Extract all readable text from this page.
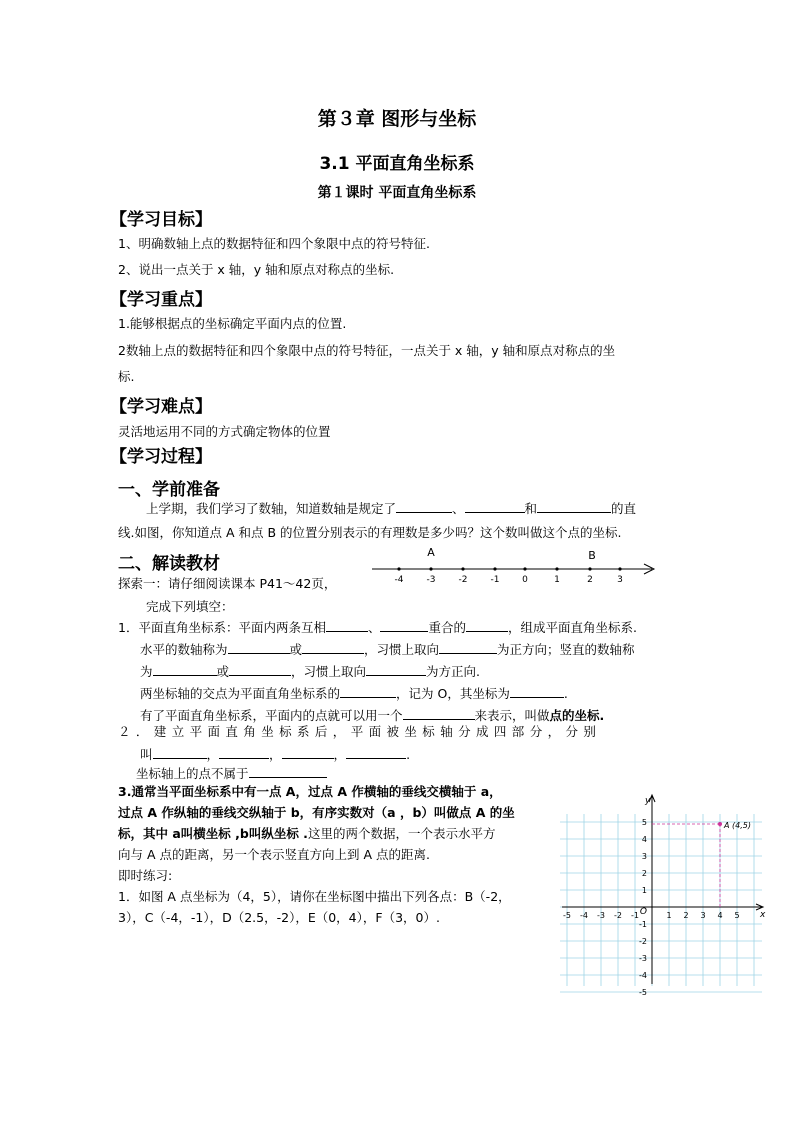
第３章 图形与坐标
3.1 平面直角坐标系
第１课时 平面直角坐标系
【学习目标】
1、明确数轴上点的数据特征和四个象限中点的符号特征.
2、说出一点关于 x 轴，y 轴和原点对称点的坐标.
【学习重点】
1.能够根据点的坐标确定平面内点的位置.
2数轴上点的数据特征和四个象限中点的符号特征，一点关于 x 轴，y 轴和原点对称点的坐
标.
【学习难点】
灵活地运用不同的方式确定物体的位置
【学习过程】
一、学前准备
上学期，我们学习了数轴，知道数轴是规定了	、	和	的直
线.如图，你知道点 A 和点 B 的位置分别表示的有理数是多少吗？这个数叫做这个点的坐标.
二、解读教材
A	B
-4	-3	-2	-1	0	1	2	3
探索一：请仔细阅读课本 P41～42页，
完成下列填空：
1．平面直角坐标系：平面内两条互相	、	重合的	，组成平面直角坐标系.
水平的数轴称为	或	，习惯上取向	为正方向；竖直的数轴称
为	或	，习惯上取向	为方正向.
两坐标轴的交点为平面直角坐标系的	，记为 O，其坐标为	.
有了平面直角坐标系，平面内的点就可以用一个	来表示，叫做点的坐标.
２．建立平面直角坐标系后，平面被坐标轴分成四部分，分别
叫	，	，	，	.
坐标轴上的点不属于
3.通常当平面坐标系中有一点 A，过点 A 作横轴的垂线交横轴于 a，
过点 A 作纵轴的垂线交纵轴于 b，有序实数对（a ，b）叫做点 A 的坐
标，其中 a叫横坐标 ,b叫纵坐标 .这里的两个数据，一个表示水平方
向与 A 点的距离，另一个表示竖直方向上到 A 点的距离.
即时练习:
1．如图 A 点坐标为（4，5），请你在坐标图中描出下列各点：B（-2，
3），C（-4，-1），D（2.5，-2），E（0，4），F（3，0）.	x
y
O
-5 -4 -3 -2 -1	1 2 3 4 5
5
4
3
2
1
-1
-2
-3
-4
-5
A (4,5)
